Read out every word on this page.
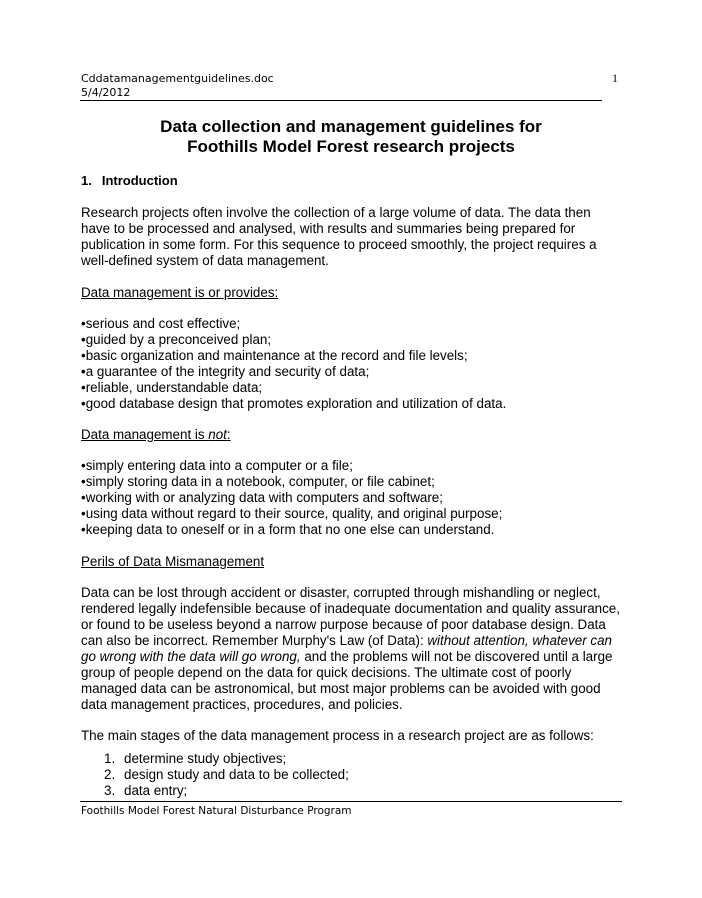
Cddatamanagementguidelines.doc
5/4/2012
1
Data collection and management guidelines for
Foothills Model Forest research projects
1. Introduction

Research projects often involve the collection of a large volume of data. The data then have to be processed and analysed, with results and summaries being prepared for publication in some form. For this sequence to proceed smoothly, the project requires a well-defined system of data management.

Data management is or provides:
• serious and cost effective;
• guided by a preconceived plan;
• basic organization and maintenance at the record and file levels;
• a guarantee of the integrity and security of data;
• reliable, understandable data;
• good database design that promotes exploration and utilization of data.
Data management is not:
• simply entering data into a computer or a file;
• simply storing data in a notebook, computer, or file cabinet;
• working with or analyzing data with computers and software;
• using data without regard to their source, quality, and original purpose;
• keeping data to oneself or in a form that no one else can understand.
Perils of Data Mismanagement

Data can be lost through accident or disaster, corrupted through mishandling or neglect, rendered legally indefensible because of inadequate documentation and quality assurance, or found to be useless beyond a narrow purpose because of poor database design. Data can also be incorrect. Remember Murphy's Law (of Data): without attention, whatever can go wrong with the data will go wrong, and the problems will not be discovered until a large group of people depend on the data for quick decisions. The ultimate cost of poorly managed data can be astronomical, but most major problems can be avoided with good data management practices, procedures, and policies.

The main stages of the data management process in a research project are as follows:

1. determine study objectives;
2. design study and data to be collected;
3. data entry;
Foothills Model Forest Natural Disturbance Program
